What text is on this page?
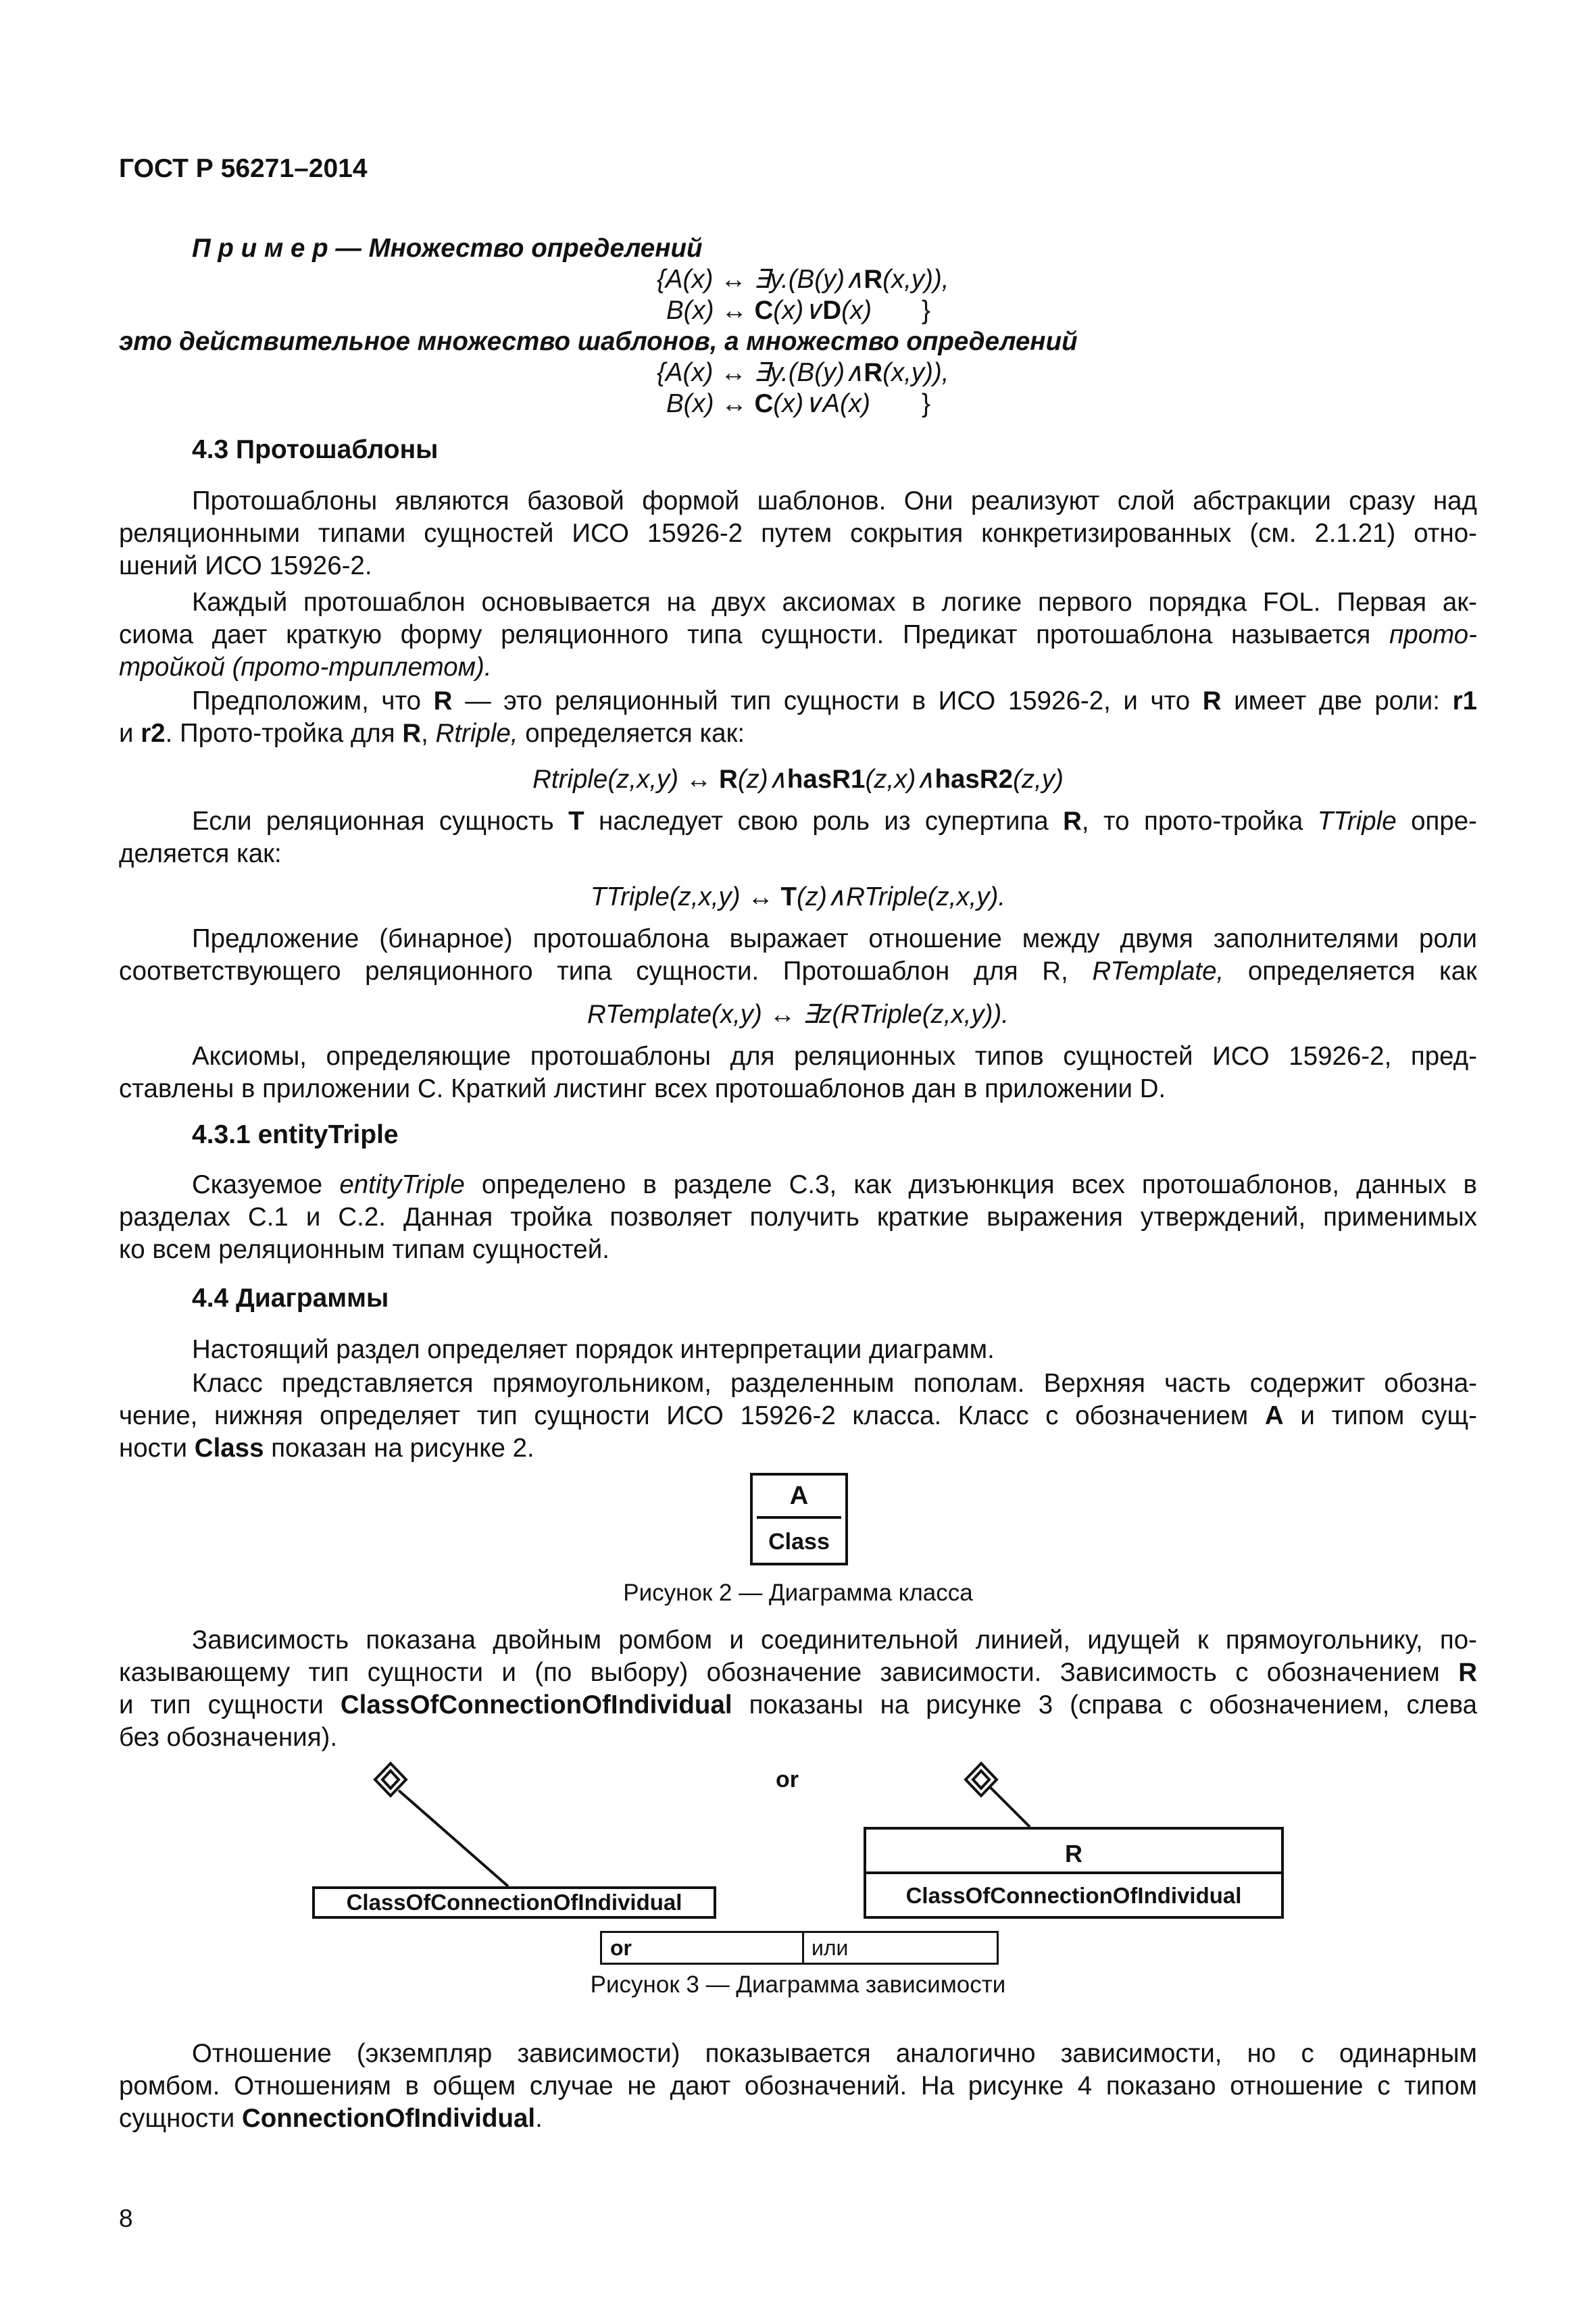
ГОСТ Р 56271–2014
П р и м е р — Множество определений
{A(x) ↔ ∃y.(B(y)∧R(x,y)),
B(x) ↔ C(x)∨D(x) }
это действительное множество шаблонов, а множество определений
{A(x) ↔ ∃y.(B(y)∧R(x,y)),
B(x) ↔ C(x)∨A(x) }
4.3 Протошаблоны
Протошаблоны являются базовой формой шаблонов. Они реализуют слой абстракции сразу над
реляционными типами сущностей ИСО 15926-2 путем сокрытия конкретизированных (см. 2.1.21) отно-
шений ИСО 15926-2.
Каждый протошаблон основывается на двух аксиомах в логике первого порядка FOL. Первая ак-
сиома дает краткую форму реляционного типа сущности. Предикат протошаблона называется прото-
тройкой (прото-триплетом).
Предположим, что R — это реляционный тип сущности в ИСО 15926-2, и что R имеет две роли: r1
и r2. Прото-тройка для R, Rtriple, определяется как:
Rtriple(z,x,y) ↔ R(z)∧hasR1(z,x)∧hasR2(z,y)
Если реляционная сущность T наследует свою роль из супертипа R, то прото-тройка TTriple опре-
деляется как:
TTriple(z,x,y) ↔ T(z)∧RTriple(z,x,y).
Предложение (бинарное) протошаблона выражает отношение между двумя заполнителями роли
соответствующего реляционного типа сущности. Протошаблон для R, RTemplate, определяется как
RTemplate(x,y) ↔ ∃z(RTriple(z,x,y)).
Аксиомы, определяющие протошаблоны для реляционных типов сущностей ИСО 15926-2, пред-
ставлены в приложении C. Краткий листинг всех протошаблонов дан в приложении D.
4.3.1 entityTriple
Сказуемое entityTriple определено в разделе C.3, как дизъюнкция всех протошаблонов, данных в
разделах C.1 и C.2. Данная тройка позволяет получить краткие выражения утверждений, применимых
ко всем реляционным типам сущностей.
4.4 Диаграммы
Настоящий раздел определяет порядок интерпретации диаграмм.
Класс представляется прямоугольником, разделенным пополам. Верхняя часть содержит обозна-
чение, нижняя определяет тип сущности ИСО 15926-2 класса. Класс с обозначением A и типом сущ-
ности Class показан на рисунке 2.
A
Class
Рисунок 2 — Диаграмма класса
Зависимость показана двойным ромбом и соединительной линией, идущей к прямоугольнику, по-
казывающему тип сущности и (по выбору) обозначение зависимости. Зависимость с обозначением R
и тип сущности ClassOfConnectionOfIndividual показаны на рисунке 3 (справа с обозначением, слева
без обозначения).
or
ClassOfConnectionOfIndividual
R
ClassOfConnectionOfIndividual
or	или
Рисунок 3 — Диаграмма зависимости
Отношение (экземпляр зависимости) показывается аналогично зависимости, но с одинарным
ромбом. Отношениям в общем случае не дают обозначений. На рисунке 4 показано отношение с типом
сущности ConnectionOfIndividual.
8
